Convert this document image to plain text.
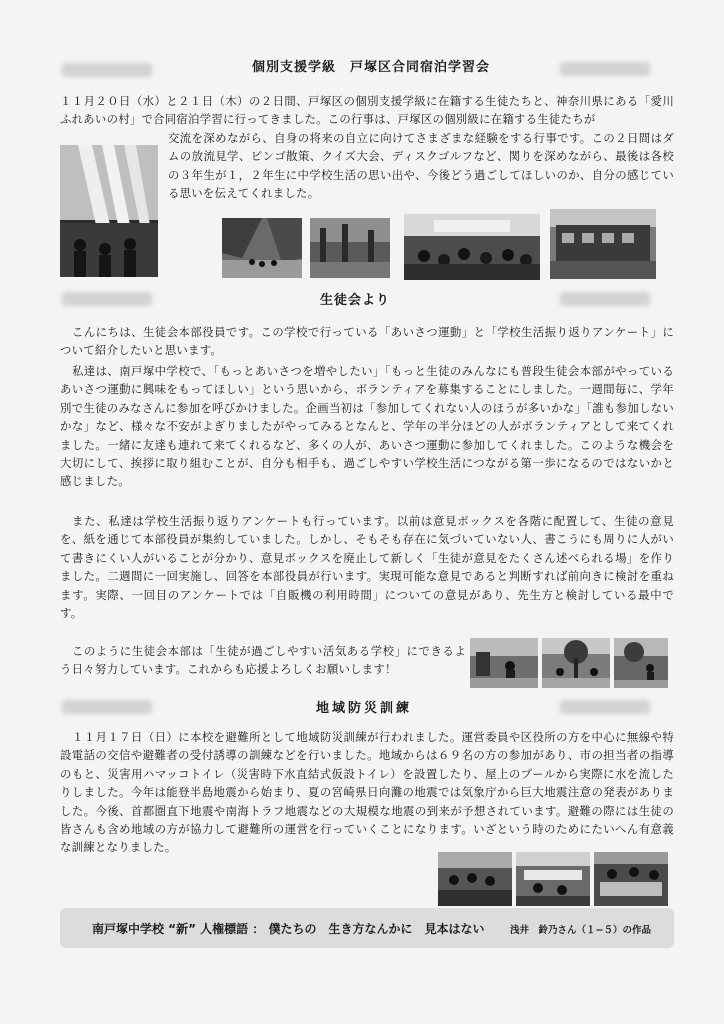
個別支援学級　戸塚区合同宿泊学習会
１１月２０日（水）と２１日（木）の２日間、戸塚区の個別支援学級に在籍する生徒たちと、神奈川県にある「愛川ふれあいの村」で合同宿泊学習に行ってきました。この行事は、戸塚区の個別級に在籍する生徒たちが
交流を深めながら、自身の将来の自立に向けてさまざまな経験をする行事です。この２日間はダムの放流見学、ビンゴ散策、クイズ大会、ディスクゴルフなど、関りを深めながら、最後は各校の３年生が１，２年生に中学校生活の思い出や、今後どう過ごしてほしいのか、自分の感じている思いを伝えてくれました。
生徒会より
こんにちは、生徒会本部役員です。この学校で行っている「あいさつ運動」と「学校生活振り返りアンケート」について紹介したいと思います。
私達は、南戸塚中学校で、「もっとあいさつを増やしたい」「もっと生徒のみんなにも普段生徒会本部がやっているあいさつ運動に興味をもってほしい」という思いから、ボランティアを募集することにしました。一週間毎に、学年別で生徒のみなさんに参加を呼びかけました。企画当初は「参加してくれない人のほうが多いかな」「誰も参加しないかな」など、様々な不安がよぎりましたがやってみるとなんと、学年の半分ほどの人がボランティアとして来てくれました。一緒に友達も連れて来てくれるなど、多くの人が、あいさつ運動に参加してくれました。このような機会を大切にして、挨拶に取り組むことが、自分も相手も、過ごしやすい学校生活につながる第一歩になるのではないかと感じました。
また、私達は学校生活振り返りアンケートも行っています。以前は意見ボックスを各階に配置して、生徒の意見を、紙を通じて本部役員が集約していました。しかし、そもそも存在に気づいていない人、書こうにも周りに人がいて書きにくい人がいることが分かり、意見ボックスを廃止して新しく「生徒が意見をたくさん述べられる場」を作りました。二週間に一回実施し、回答を本部役員が行います。実現可能な意見であると判断すれば前向きに検討を重ねます。実際、一回目のアンケートでは「自販機の利用時間」についての意見があり、先生方と検討している最中です。
このように生徒会本部は「生徒が過ごしやすい活気ある学校」にできるよう日々努力しています。これからも応援よろしくお願いします！
地域防災訓練
１１月１７日（日）に本校を避難所として地域防災訓練が行われました。運営委員や区役所の方を中心に無線や特設電話の交信や避難者の受付誘導の訓練などを行いました。地域からは６９名の方の参加があり、市の担当者の指導のもと、災害用ハマッコトイレ（災害時下水直結式仮設トイレ）を設置したり、屋上のプールから実際に水を流したりしました。今年は能登半島地震から始まり、夏の宮崎県日向灘の地震では気象庁から巨大地震注意の発表がありました。今後、首都圏直下地震や南海トラフ地震などの大規模な地震の到来が予想されています。避難の際には生徒の皆さんも含め地域の方が協力して避難所の運営を行っていくことになります。いざという時のためにたいへん有意義な訓練となりました。
南戸塚中学校 “新” 人権標語 ： 僕たちの　生き方なんかに　見本はない	浅井　鈴乃さん（１−５）の作品
